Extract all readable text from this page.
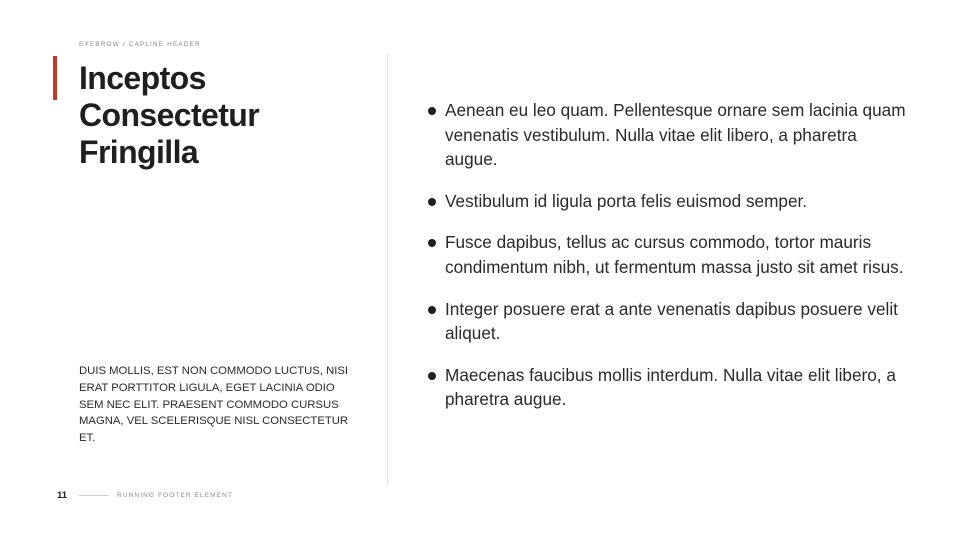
EYEBROW / CAPLINE HEADER
Inceptos Consectetur Fringilla

DUIS MOLLIS, EST NON COMMODO LUCTUS, NISI ERAT PORTTITOR LIGULA, EGET LACINIA ODIO SEM NEC ELIT. PRAESENT COMMODO CURSUS MAGNA, VEL SCELERISQUE NISL CONSECTETUR ET.

Aenean eu leo quam. Pellentesque ornare sem lacinia quam venenatis vestibulum. Nulla vitae elit libero, a pharetra augue.
Vestibulum id ligula porta felis euismod semper.
Fusce dapibus, tellus ac cursus commodo, tortor mauris condimentum nibh, ut fermentum massa justo sit amet risus.
Integer posuere erat a ante venenatis dapibus posuere velit aliquet.
Maecenas faucibus mollis interdum. Nulla vitae elit libero, a pharetra augue.
11	RUNNING FOOTER ELEMENT
